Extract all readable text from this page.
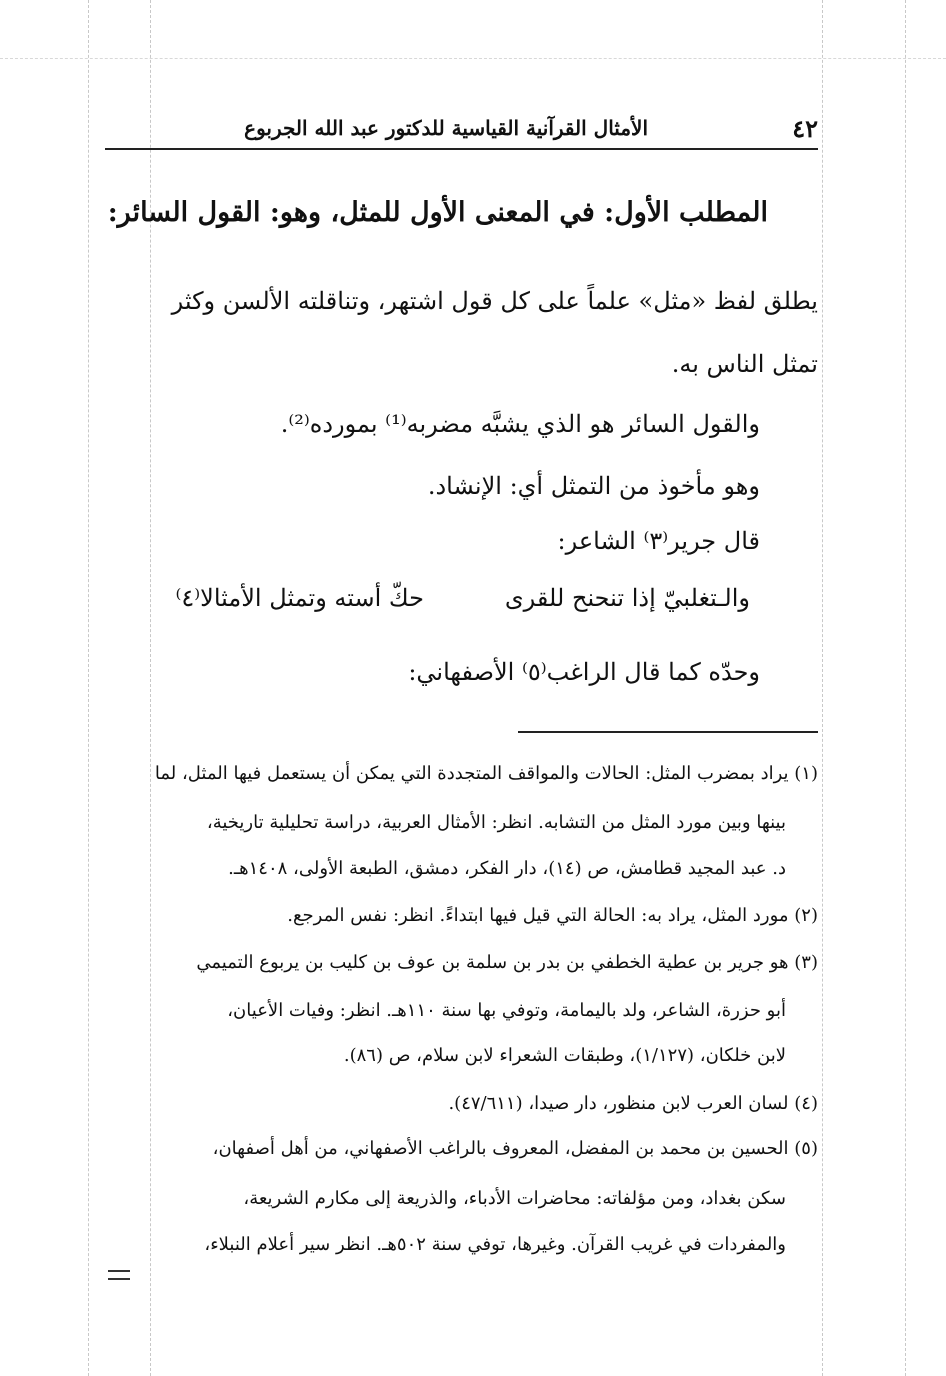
الأمثال القرآنية القياسية للدكتور عبد الله الجربوع	٤٢
المطلب الأول: في المعنى الأول للمثل، وهو: القول السائر:
يطلق لفظ «مثل» علماً على كل قول اشتهر، وتناقلته الألسن وكثر
تمثل الناس به.
والقول السائر هو الذي يشبَّه مضربه⁽¹⁾ بمورده⁽²⁾.
وهو مأخوذ من التمثل أي: الإنشاد.
قال جرير⁽٣⁾ الشاعر:
والـتغلبيّ إذا تنحنح للقرى
حكّ أسته وتمثل الأمثالا⁽٤⁾
وحدّه كما قال الراغب⁽٥⁾ الأصفهاني:
(١) يراد بمضرب المثل: الحالات والمواقف المتجددة التي يمكن أن يستعمل فيها المثل، لما
بينها وبين مورد المثل من التشابه. انظر: الأمثال العربية، دراسة تحليلية تاريخية،
د. عبد المجيد قطامش، ص (١٤)، دار الفكر، دمشق، الطبعة الأولى، ١٤٠٨هـ.
(٢) مورد المثل، يراد به: الحالة التي قيل فيها ابتداءً. انظر: نفس المرجع.
(٣) هو جرير بن عطية الخطفي بن بدر بن سلمة بن عوف بن كليب بن يربوع التميمي
أبو حزرة، الشاعر، ولد باليمامة، وتوفي بها سنة ١١٠هـ. انظر: وفيات الأعيان،
لابن خلكان، (١/١٢٧)، وطبقات الشعراء لابن سلام، ص (٨٦).
(٤) لسان العرب لابن منظور، دار صيدا، (٤٧/٦١١).
(٥) الحسين بن محمد بن المفضل، المعروف بالراغب الأصفهاني، من أهل أصفهان،
سكن بغداد، ومن مؤلفاته: محاضرات الأدباء، والذريعة إلى مكارم الشريعة،
والمفردات في غريب القرآن. وغيرها، توفي سنة ٥٠٢هـ. انظر سير أعلام النبلاء،
